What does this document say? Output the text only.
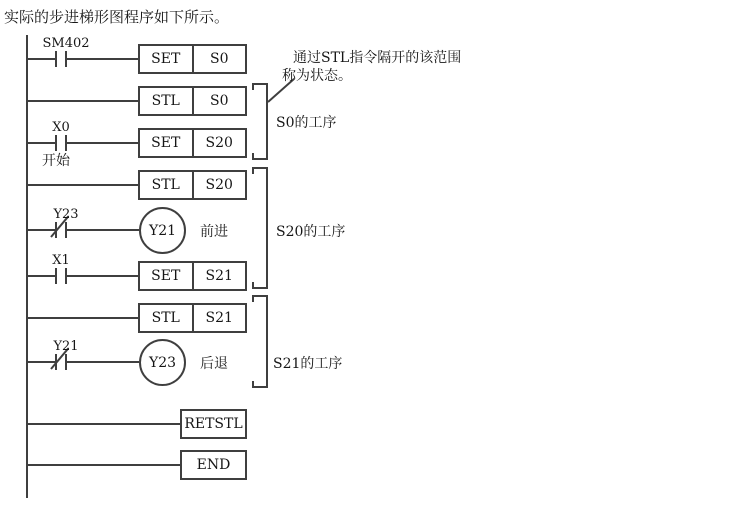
实际的步进梯形图程序如下所示。
SM402
SET	S0
STL	S0
X0
开始
SET	S20
STL	S20
Y23
Y21 前进
X1
SET	S21
STL	S21
Y21
Y23 后退
RETSTL
END
S0的工序
S20的工序
S21的工序
通过STL指令隔开的该范围
称为状态。
